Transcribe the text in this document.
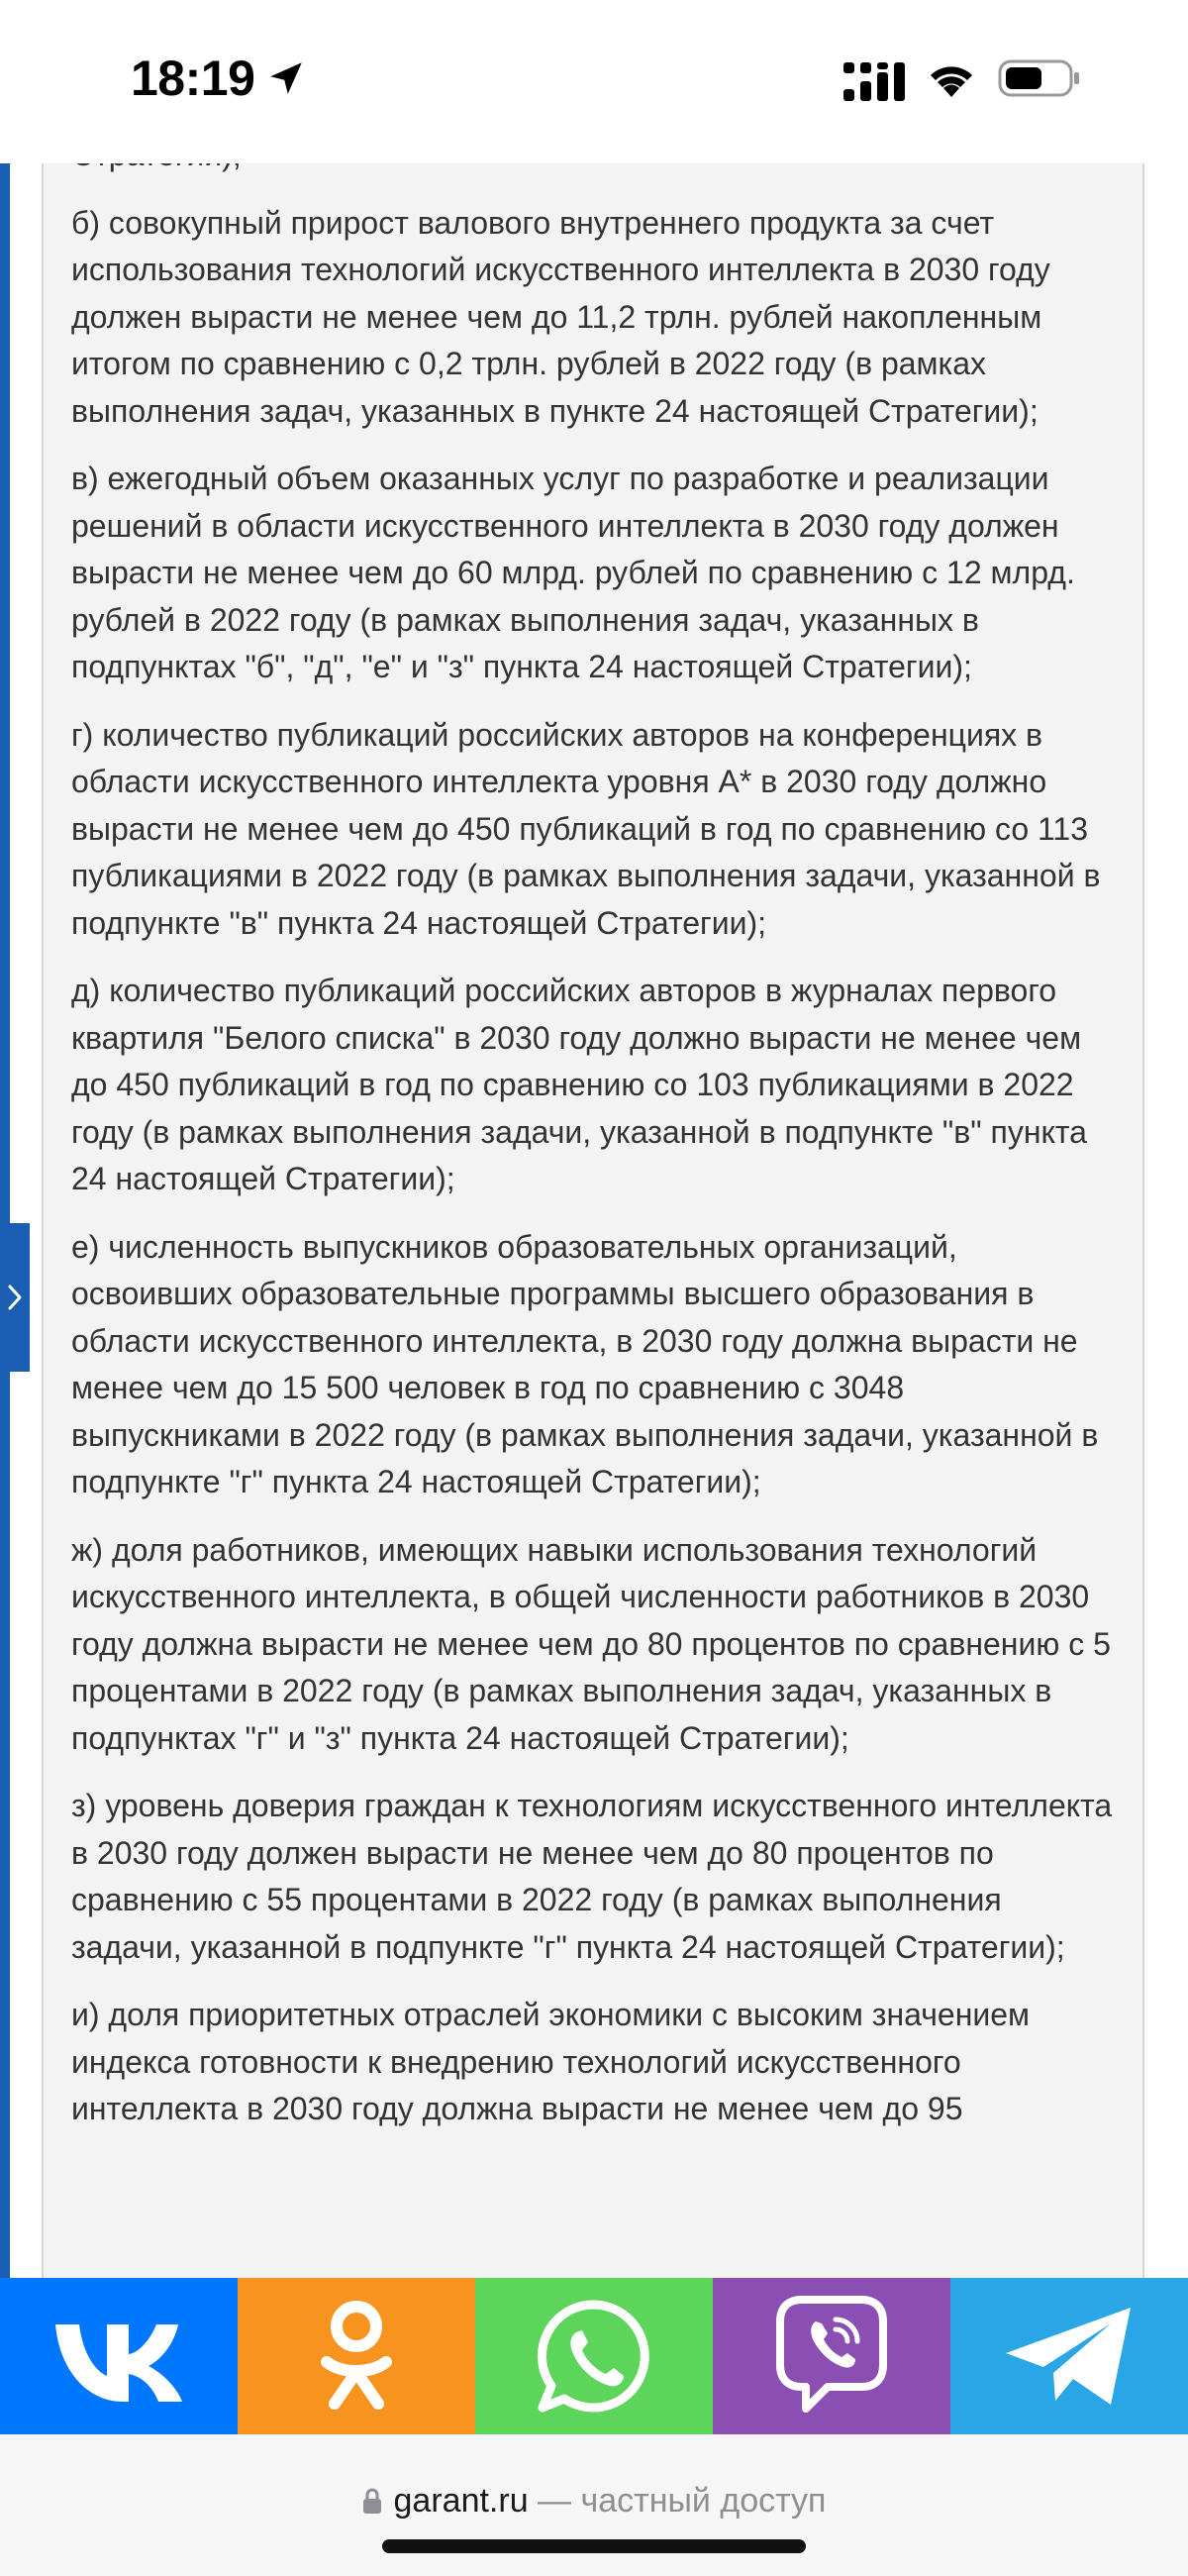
18:19

б) совокупный прирост валового внутреннего продукта за счет использования технологий искусственного интеллекта в 2030 году должен вырасти не менее чем до 11,2 трлн. рублей накопленным итогом по сравнению с 0,2 трлн. рублей в 2022 году (в рамках выполнения задач, указанных в пункте 24 настоящей Стратегии);

в) ежегодный объем оказанных услуг по разработке и реализации решений в области искусственного интеллекта в 2030 году должен вырасти не менее чем до 60 млрд. рублей по сравнению с 12 млрд. рублей в 2022 году (в рамках выполнения задач, указанных в подпунктах "б", "д", "е" и "з" пункта 24 настоящей Стратегии);

г) количество публикаций российских авторов на конференциях в области искусственного интеллекта уровня А* в 2030 году должно вырасти не менее чем до 450 публикаций в год по сравнению со 113 публикациями в 2022 году (в рамках выполнения задачи, указанной в подпункте "в" пункта 24 настоящей Стратегии);

д) количество публикаций российских авторов в журналах первого квартиля "Белого списка" в 2030 году должно вырасти не менее чем до 450 публикаций в год по сравнению со 103 публикациями в 2022 году (в рамках выполнения задачи, указанной в подпункте "в" пункта 24 настоящей Стратегии);

е) численность выпускников образовательных организаций, освоивших образовательные программы высшего образования в области искусственного интеллекта, в 2030 году должна вырасти не менее чем до 15 500 человек в год по сравнению с 3048 выпускниками в 2022 году (в рамках выполнения задачи, указанной в подпункте "г" пункта 24 настоящей Стратегии);

ж) доля работников, имеющих навыки использования технологий искусственного интеллекта, в общей численности работников в 2030 году должна вырасти не менее чем до 80 процентов по сравнению с 5 процентами в 2022 году (в рамках выполнения задач, указанных в подпунктах "г" и "з" пункта 24 настоящей Стратегии);

з) уровень доверия граждан к технологиям искусственного интеллекта в 2030 году должен вырасти не менее чем до 80 процентов по сравнению с 55 процентами в 2022 году (в рамках выполнения задачи, указанной в подпункте "г" пункта 24 настоящей Стратегии);

и) доля приоритетных отраслей экономики с высоким значением индекса готовности к внедрению технологий искусственного интеллекта в 2030 году должна вырасти не менее чем до 95

garant.ru — частный доступ
